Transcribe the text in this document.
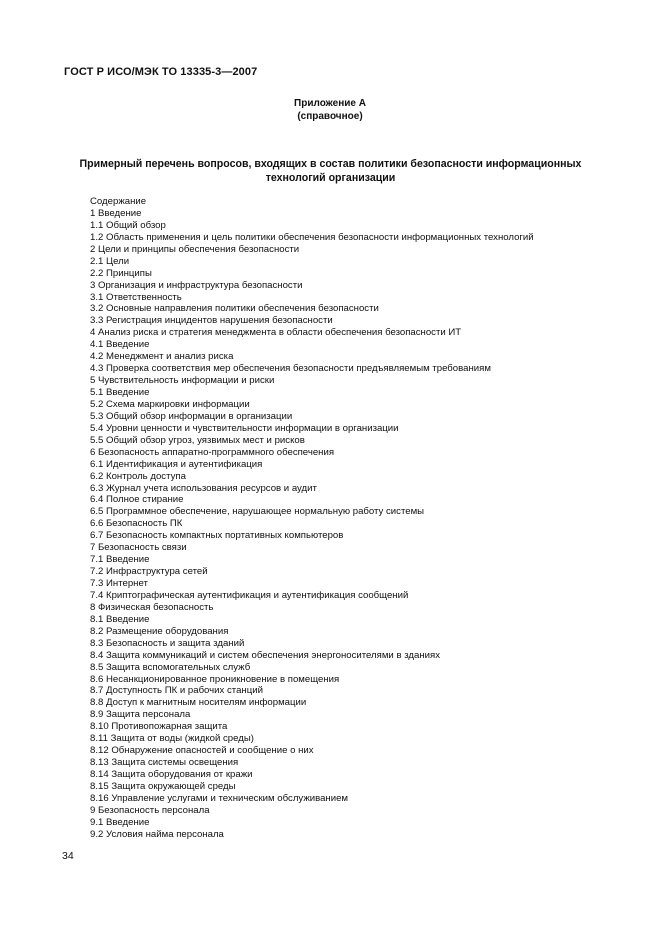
ГОСТ Р ИСО/МЭК ТО 13335-3—2007
Приложение А
(справочное)
Примерный перечень вопросов, входящих в состав политики безопасности информационных
технологий организации
Содержание
1 Введение
1.1 Общий обзор
1.2 Область применения и цель политики обеспечения безопасности информационных технологий
2 Цели и принципы обеспечения безопасности
2.1 Цели
2.2 Принципы
3 Организация и инфраструктура безопасности
3.1 Ответственность
3.2 Основные направления политики обеспечения безопасности
3.3 Регистрация инцидентов нарушения безопасности
4 Анализ риска и стратегия менеджмента в области обеспечения безопасности ИТ
4.1 Введение
4.2 Менеджмент и анализ риска
4.3 Проверка соответствия мер обеспечения безопасности предъявляемым требованиям
5 Чувствительность информации и риски
5.1 Введение
5.2 Схема маркировки информации
5.3 Общий обзор информации в организации
5.4 Уровни ценности и чувствительности информации в организации
5.5 Общий обзор угроз, уязвимых мест и рисков
6 Безопасность аппаратно-программного обеспечения
6.1 Идентификация и аутентификация
6.2 Контроль доступа
6.3 Журнал учета использования ресурсов и аудит
6.4 Полное стирание
6.5 Программное обеспечение, нарушающее нормальную работу системы
6.6 Безопасность ПК
6.7 Безопасность компактных портативных компьютеров
7 Безопасность связи
7.1 Введение
7.2 Инфраструктура сетей
7.3 Интернет
7.4 Криптографическая аутентификация и аутентификация сообщений
8 Физическая безопасность
8.1 Введение
8.2 Размещение оборудования
8.3 Безопасность и защита зданий
8.4 Защита коммуникаций и систем обеспечения энергоносителями в зданиях
8.5 Защита вспомогательных служб
8.6 Несанкционированное проникновение в помещения
8.7 Доступность ПК и рабочих станций
8.8 Доступ к магнитным носителям информации
8.9 Защита персонала
8.10 Противопожарная защита
8.11 Защита от воды (жидкой среды)
8.12 Обнаружение опасностей и сообщение о них
8.13 Защита системы освещения
8.14 Защита оборудования от кражи
8.15 Защита окружающей среды
8.16 Управление услугами и техническим обслуживанием
9 Безопасность персонала
9.1 Введение
9.2 Условия найма персонала
34
